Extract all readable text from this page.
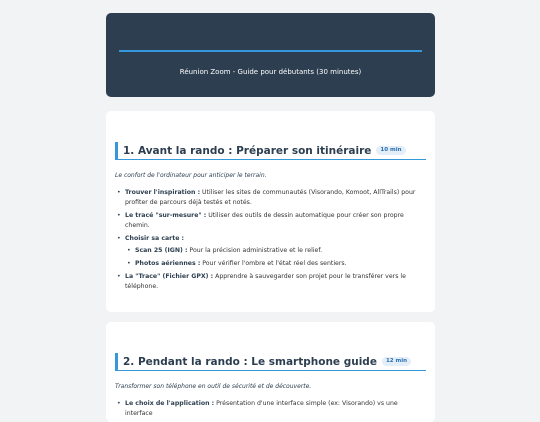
Réunion Zoom - Guide pour débutants (30 minutes)
1. Avant la rando : Préparer son itinéraire	10 min
Le confort de l'ordinateur pour anticiper le terrain.
• Trouver l'inspiration : Utiliser les sites de communautés (Visorando, Komoot, AllTrails) pour profiter de parcours déjà testés et notés.
• Le tracé "sur-mesure" : Utiliser des outils de dessin automatique pour créer son propre chemin.
• Choisir sa carte :
• Scan 25 (IGN) : Pour la précision administrative et le relief.
• Photos aériennes : Pour vérifier l'ombre et l'état réel des sentiers.
• La "Trace" (Fichier GPX) : Apprendre à sauvegarder son projet pour le transférer vers le téléphone.
2. Pendant la rando : Le smartphone guide	12 min
Transformer son téléphone en outil de sécurité et de découverte.
• Le choix de l'application : Présentation d'une interface simple (ex: Visorando) vs une interface
